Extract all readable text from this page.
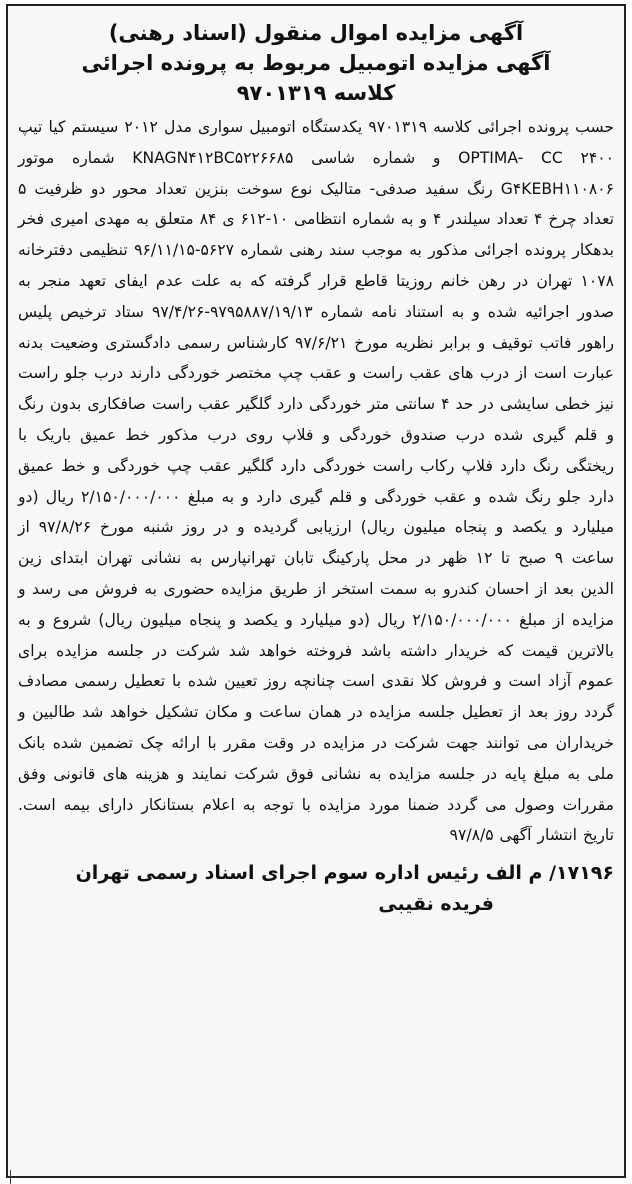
آگهی مزایده اموال منقول (اسناد رهنی)

آگهی مزایده اتومبیل مربوط به پرونده اجرائی

کلاسه ۹۷۰۱۳۱۹

حسب پرونده اجرائی کلاسه ۹۷۰۱۳۱۹ یکدستگاه اتومبیل سواری مدل ۲۰۱۲ سیستم کیا تیپ OPTIMA- CC ۲۴۰۰ و شماره شاسی KNAGN۴۱۲BC۵۲۲۶۶۸۵ شماره موتور G۴KEBH۱۱۰۸۰۶ رنگ سفید صدفی- متالیک نوع سوخت بنزین تعداد محور دو ظرفیت ۵ تعداد چرخ ۴ تعداد سیلندر ۴ و به شماره انتظامی ۱۰-۶۱۲ ی ۸۴ متعلق به مهدی امیری فخر بدهکار پرونده اجرائی مذکور به موجب سند رهنی شماره ۵۶۲۷-۹۶/۱۱/۱۵ تنظیمی دفترخانه ۱۰۷۸ تهران در رهن خانم روزیتا قاطع قرار گرفته که به علت عدم ایفای تعهد منجر به صدور اجرائیه شده و به استناد نامه شماره ۹۷۹۵۸۸۷/۱۹/۱۳-۹۷/۴/۲۶ ستاد ترخیص پلیس راهور فاتب توقیف و برابر نظریه مورخ ۹۷/۶/۲۱ کارشناس رسمی دادگستری وضعیت بدنه عبارت است از درب های عقب راست و عقب چپ مختصر خوردگی دارند درب جلو راست نیز خطی سایشی در حد ۴ سانتی متر خوردگی دارد گلگیر عقب راست صافکاری بدون رنگ و قلم گیری شده درب صندوق خوردگی و فلاپ روی درب مذکور خط عمیق باریک با ریختگی رنگ دارد فلاپ رکاب راست خوردگی دارد گلگیر عقب چپ خوردگی و خط عمیق دارد جلو رنگ شده و عقب خوردگی و قلم گیری دارد و به مبلغ ۲/۱۵۰/۰۰۰/۰۰۰ ریال (دو میلیارد و یکصد و پنجاه میلیون ریال) ارزیابی گردیده و در روز شنبه مورخ ۹۷/۸/۲۶ از ساعت ۹ صبح تا ۱۲ ظهر در محل پارکینگ تابان تهرانپارس به نشانی تهران ابتدای زین الدین بعد از احسان کندرو به سمت استخر از طریق مزایده حضوری به فروش می رسد و مزایده از مبلغ ۲/۱۵۰/۰۰۰/۰۰۰ ریال (دو میلیارد و یکصد و پنجاه میلیون ریال) شروع و به بالاترین قیمت که خریدار داشته باشد فروخته خواهد شد شرکت در جلسه مزایده برای عموم آزاد است و فروش کلا نقدی است چنانچه روز تعیین شده با تعطیل رسمی مصادف گردد روز بعد از تعطیل جلسه مزایده در همان ساعت و مکان تشکیل خواهد شد طالبین و خریداران می توانند جهت شرکت در مزایده در وقت مقرر با ارائه چک تضمین شده بانک ملی به مبلغ پایه در جلسه مزایده به نشانی فوق شرکت نمایند و هزینه های قانونی وفق مقررات وصول می گردد ضمنا مورد مزایده با توجه به اعلام بستانکار دارای بیمه است. تاریخ انتشار آگهی ۹۷/۸/۵

۱۷۱۹۶/ م الف رئیس اداره سوم اجرای اسناد رسمی تهران
فریده نقیبی
